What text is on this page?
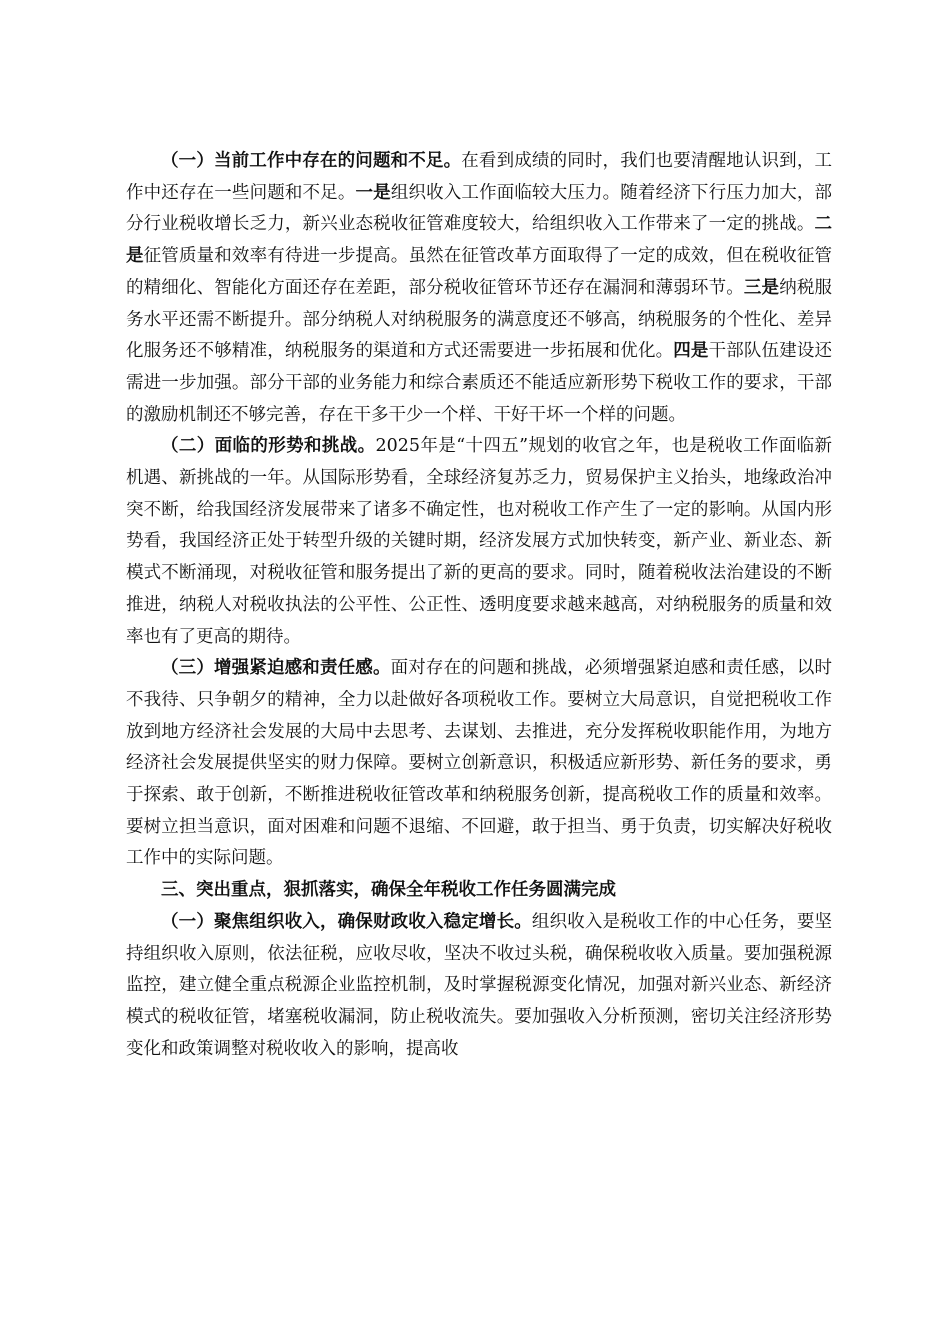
（一）当前工作中存在的问题和不足。在看到成绩的同时，我们也要清醒地认识到，工作中还存在一些问题和不足。一是组织收入工作面临较大压力。随着经济下行压力加大，部分行业税收增长乏力，新兴业态税收征管难度较大，给组织收入工作带来了一定的挑战。二是征管质量和效率有待进一步提高。虽然在征管改革方面取得了一定的成效，但在税收征管的精细化、智能化方面还存在差距，部分税收征管环节还存在漏洞和薄弱环节。三是纳税服务水平还需不断提升。部分纳税人对纳税服务的满意度还不够高，纳税服务的个性化、差异化服务还不够精准，纳税服务的渠道和方式还需要进一步拓展和优化。四是干部队伍建设还需进一步加强。部分干部的业务能力和综合素质还不能适应新形势下税收工作的要求，干部的激励机制还不够完善，存在干多干少一个样、干好干坏一个样的问题。

（二）面临的形势和挑战。2025年是“十四五”规划的收官之年，也是税收工作面临新机遇、新挑战的一年。从国际形势看，全球经济复苏乏力，贸易保护主义抬头，地缘政治冲突不断，给我国经济发展带来了诸多不确定性，也对税收工作产生了一定的影响。从国内形势看，我国经济正处于转型升级的关键时期，经济发展方式加快转变，新产业、新业态、新模式不断涌现，对税收征管和服务提出了新的更高的要求。同时，随着税收法治建设的不断推进，纳税人对税收执法的公平性、公正性、透明度要求越来越高，对纳税服务的质量和效率也有了更高的期待。

（三）增强紧迫感和责任感。面对存在的问题和挑战，必须增强紧迫感和责任感，以时不我待、只争朝夕的精神，全力以赴做好各项税收工作。要树立大局意识，自觉把税收工作放到地方经济社会发展的大局中去思考、去谋划、去推进，充分发挥税收职能作用，为地方经济社会发展提供坚实的财力保障。要树立创新意识，积极适应新形势、新任务的要求，勇于探索、敢于创新，不断推进税收征管改革和纳税服务创新，提高税收工作的质量和效率。要树立担当意识，面对困难和问题不退缩、不回避，敢于担当、勇于负责，切实解决好税收工作中的实际问题。

三、突出重点，狠抓落实，确保全年税收工作任务圆满完成

（一）聚焦组织收入，确保财政收入稳定增长。组织收入是税收工作的中心任务，要坚持组织收入原则，依法征税，应收尽收，坚决不收过头税，确保税收收入质量。要加强税源监控，建立健全重点税源企业监控机制，及时掌握税源变化情况，加强对新兴业态、新经济模式的税收征管，堵塞税收漏洞，防止税收流失。要加强收入分析预测，密切关注经济形势变化和政策调整对税收收入的影响，提高收
